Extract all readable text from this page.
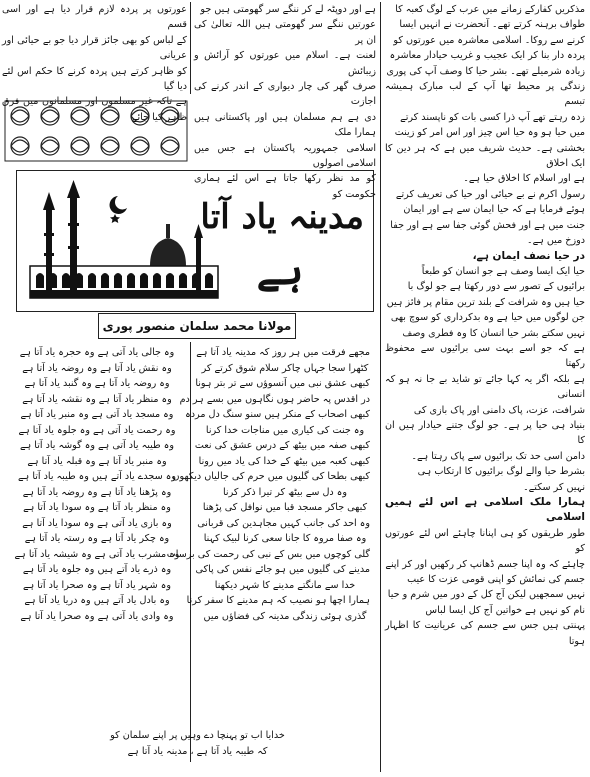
مذکریں کفارکے زمانے میں عرب کے لوگ کعبہ کا

طواف برہنہ کرتے تھے۔ آنحضرت نے انہیں ایسا

کرنے سے روکا۔ اسلامی معاشرہ میں عورتوں کو

پردہ دار بنا کر ایک عجیب و غریب حیادار معاشرہ

زیادہ شرمیلے تھے۔ بشر حیا کا وصف آپ کی پوری

زندگی پر محیط تھا آپ کے لب مبارک ہمیشہ تبسم

زدہ رہتے تھے آپ ذرا کسی بات کو ناپسند کرتے

میں حیا ہو وہ حیا اس چیز اور اس امر کو زینت

بخشتی ہے۔ حدیث شریف میں ہے کہ ہر دین کا ایک اخلاق

ہے اور اسلام کا اخلاق حیا ہے۔

رسول اکرم نے بے حیائی اور حیا کی تعریف کرتے

ہوئے فرمایا ہے کہ حیا ایمان سے ہے اور ایمان

جنت میں ہے اور فحش گوئی جفا سے ہے اور جفا

دوزخ میں ہے۔

در حیا نصف ایمان ہے،

حیا ایک ایسا وصف ہے جو انسان کو طبعاً

برائیوں کے تصور سے دور رکھتا ہے جو لوگ با

حیا ہیں وہ شرافت کے بلند ترین مقام پر فائز ہیں

جن لوگوں میں حیا ہے وہ بدکرداری کو سوچ بھی

نہیں سکتے بشر حیا انسان کا وہ فطری وصف

ہے کہ جو اسے بہت سی برائیوں سے محفوظ رکھتا

ہے بلکہ اگر یہ کہا جائے تو شاید بے جا نہ ہو کہ انسانی

شرافت، عزت، پاک دامنی اور پاک بازی کی

بنیاد ہی حیا پر ہے۔ جو لوگ جتنے حیادار ہیں ان کا

دامن اسی حد تک برائیوں سے پاک رہتا ہے۔

بشرط حیا والے لوگ برائیوں کا ارتکاب ہی

نہیں کر سکتے۔

ہمارا ملک اسلامی ہے اس لئے ہمیں اسلامی

طور طریقوں کو ہی اپنانا چاہئے اس لئے عورتوں کو

چاہئے کہ وہ اپنا جسم ڈھانپ کر رکھیں اور کر اپنے

جسم کی نمائش کو اپنی قومی عزت کا عیب

نہیں سمجھیں لیکن آج کل کے دور میں شرم و حیا

نام کو نہیں ہے خواتین آج کل ایسا لباس

پہنتی ہیں جس سے جسم کی عریانیت کا اظہار ہوتا

عورتوں پر پردہ لازم قرار دیا ہے اور اسی قسم

کے لباس کو بھی جائز قرار دیا جو بے حیائی اور عریانی

کو ظاہر کرتے ہیں پردہ کرنے کا حکم اس لئے دیا گیا

ہے تاکہ غیر مسلموں اور مسلمانوں میں فرق ظاہر کیا جائے

ہے اور دوپٹہ لے کر ننگے سر گھومتی ہیں جو

عورتیں ننگے سر گھومتی ہیں اللہ تعالیٰ کی ان پر

لعنت ہے۔ اسلام میں عورتوں کو آرائش و زیبائش

صرف گھر کی چار دیواری کے اندر کرنے کی اجازت

دی ہے ہم مسلمان ہیں اور پاکستانی ہیں ہمارا ملک

اسلامی جمہوریہ پاکستان ہے جس میں اسلامی اصولوں

کو مد نظر رکھا جاتا ہے اس لئے ہماری حکومت کو

مدینہ یاد آتا
ہے
مولانا محمد سلمان منصور پوری
مجھے فرقت میں ہر روز کہ مدینہ یاد آتا ہے
کٹھرا سجا جہاں چاکر سلام شوق کرتے کر
کبھی عشق نبی میں آنسوؤں سے تر بتر ہونا
در اقدس پہ حاضر ہوں نگاہوں میں بسے ہر دم
کبھی اصحاب کے منکر ہیں سنو سنگ دل مردہ
وہ جنت کی کیاری میں مناجات خدا کرنا
کبھی صفہ میں بیٹھ کے درس عشق کی نعت
کبھی کعبہ میں بیٹھ کے خدا کی یاد میں رونا
کبھی بطحا کی گلیوں میں حرم کی جالیاں دیکھوں
وہ دل سے بیٹھ کر تیرا ذکر کرنا
کبھی جاکر مسجد قبا میں نوافل کی پڑھنا
وہ احد کی جانب کہیں مجاہدین کی قربانی
وہ صفا مروہ کا جانا سعی کرنا لبیک کہنا
گلی کوچوں میں بس کے نبی کی رحمت کی برسات
مدینے کی گلیوں میں ہو جائے نفس کی پاکی
خدا سے مانگتے مدینے کا شہر دیکھنا
ہمارا اچھا ہو نصیب کہ ہم مدینے کا سفر کرنا
گذری ہوئی زندگی مدینہ کی فضاؤں میں
وہ جالی یاد آتی ہے وہ حجرہ یاد آتا ہے
وہ نقش یاد آتا ہے وہ روضہ یاد آتا ہے
وہ روضہ یاد آتا ہے وہ گنبد یاد آتا ہے
وہ منظر یاد آتا ہے وہ نقشہ یاد آتا ہے
وہ مسجد یاد آتی ہے وہ منبر یاد آتا ہے
وہ رحمت یاد آتی ہے وہ جلوہ یاد آتا ہے
وہ طیبہ یاد آتی ہے وہ گوشہ یاد آتا ہے
وہ منبر یاد آتا ہے وہ قبلہ یاد آتا ہے
وہ سجدے یاد آتے ہیں وہ طیبہ یاد آتا ہے
وہ پڑھنا یاد آتا ہے وہ روضہ یاد آتا ہے
وہ منظر یاد آتا ہے وہ سودا یاد آتا ہے
وہ بازی یاد آتی ہے وہ سودا یاد آتا ہے
وہ چکر یاد آتا ہے وہ رستہ یاد آتا ہے
وہ مشرب یاد آتی ہے وہ شیشہ یاد آتا ہے
وہ ذرے یاد آتے ہیں وہ جلوہ یاد آتا ہے
وہ شہر یاد آتا ہے وہ صحرا یاد آتا ہے
وہ بادل یاد آتے ہیں وہ دریا یاد آتا ہے
وہ وادی یاد آتی ہے وہ صحرا یاد آتا ہے
خدایا اب تو پہنچا دے وہیں پر اپنے سلمان کو
کہ طیبہ یاد آتا ہے ، مدینہ یاد آتا ہے
